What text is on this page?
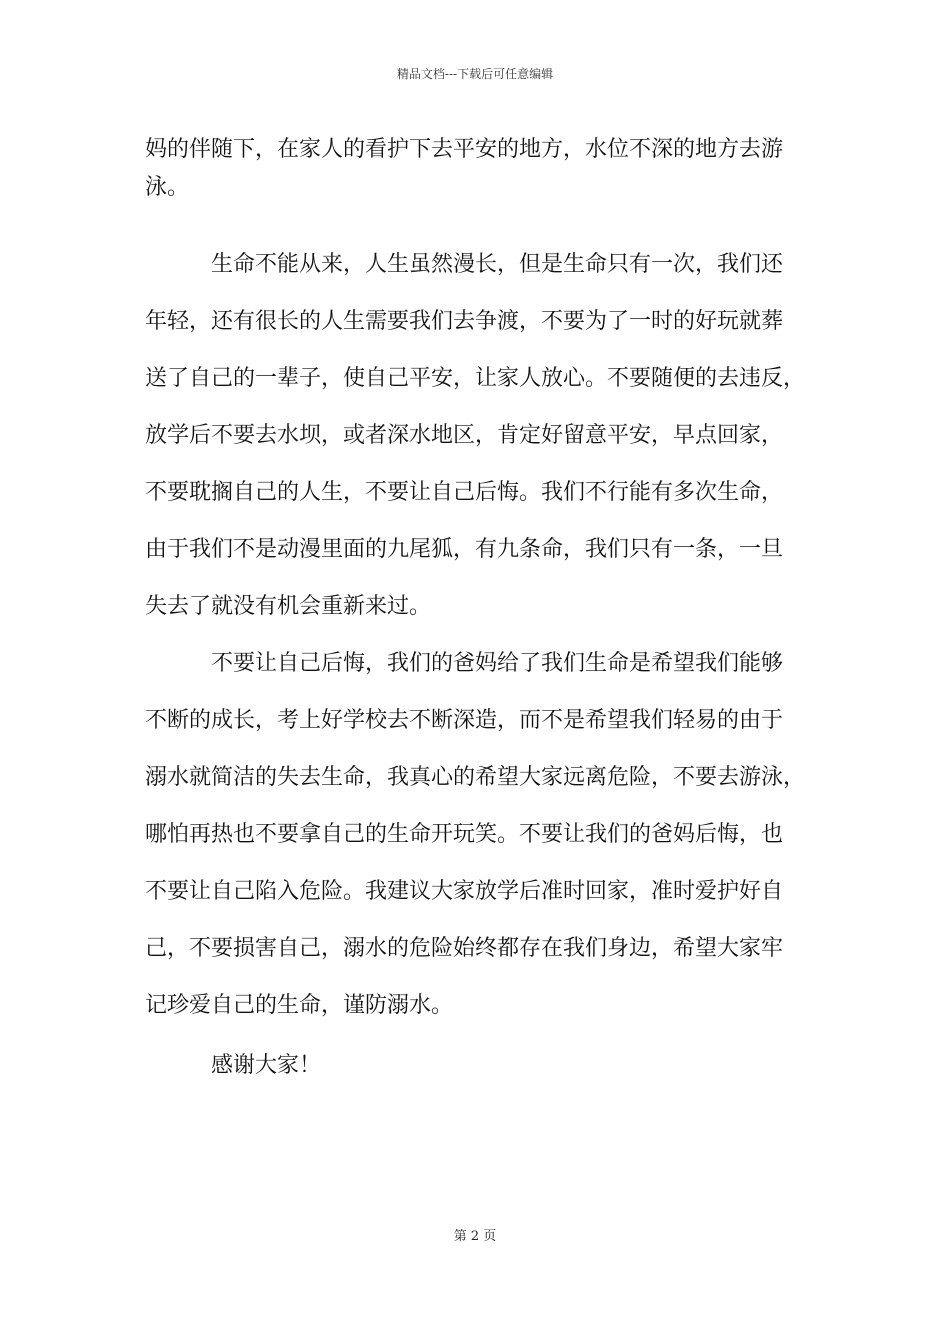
精品文档---下载后可任意编辑
妈的伴随下，在家人的看护下去平安的地方，水位不深的地方去游
泳。
生命不能从来，人生虽然漫长，但是生命只有一次，我们还
年轻，还有很长的人生需要我们去争渡，不要为了一时的好玩就葬
送了自己的一辈子，使自己平安，让家人放心。不要随便的去违反，
放学后不要去水坝，或者深水地区，肯定好留意平安，早点回家，
不要耽搁自己的人生，不要让自己后悔。我们不行能有多次生命，
由于我们不是动漫里面的九尾狐，有九条命，我们只有一条，一旦
失去了就没有机会重新来过。
不要让自己后悔，我们的爸妈给了我们生命是希望我们能够
不断的成长，考上好学校去不断深造，而不是希望我们轻易的由于
溺水就简洁的失去生命，我真心的希望大家远离危险，不要去游泳，
哪怕再热也不要拿自己的生命开玩笑。不要让我们的爸妈后悔，也
不要让自己陷入危险。我建议大家放学后准时回家，准时爱护好自
己，不要损害自己，溺水的危险始终都存在我们身边，希望大家牢
记珍爱自己的生命，谨防溺水。
感谢大家！
第 2 页
